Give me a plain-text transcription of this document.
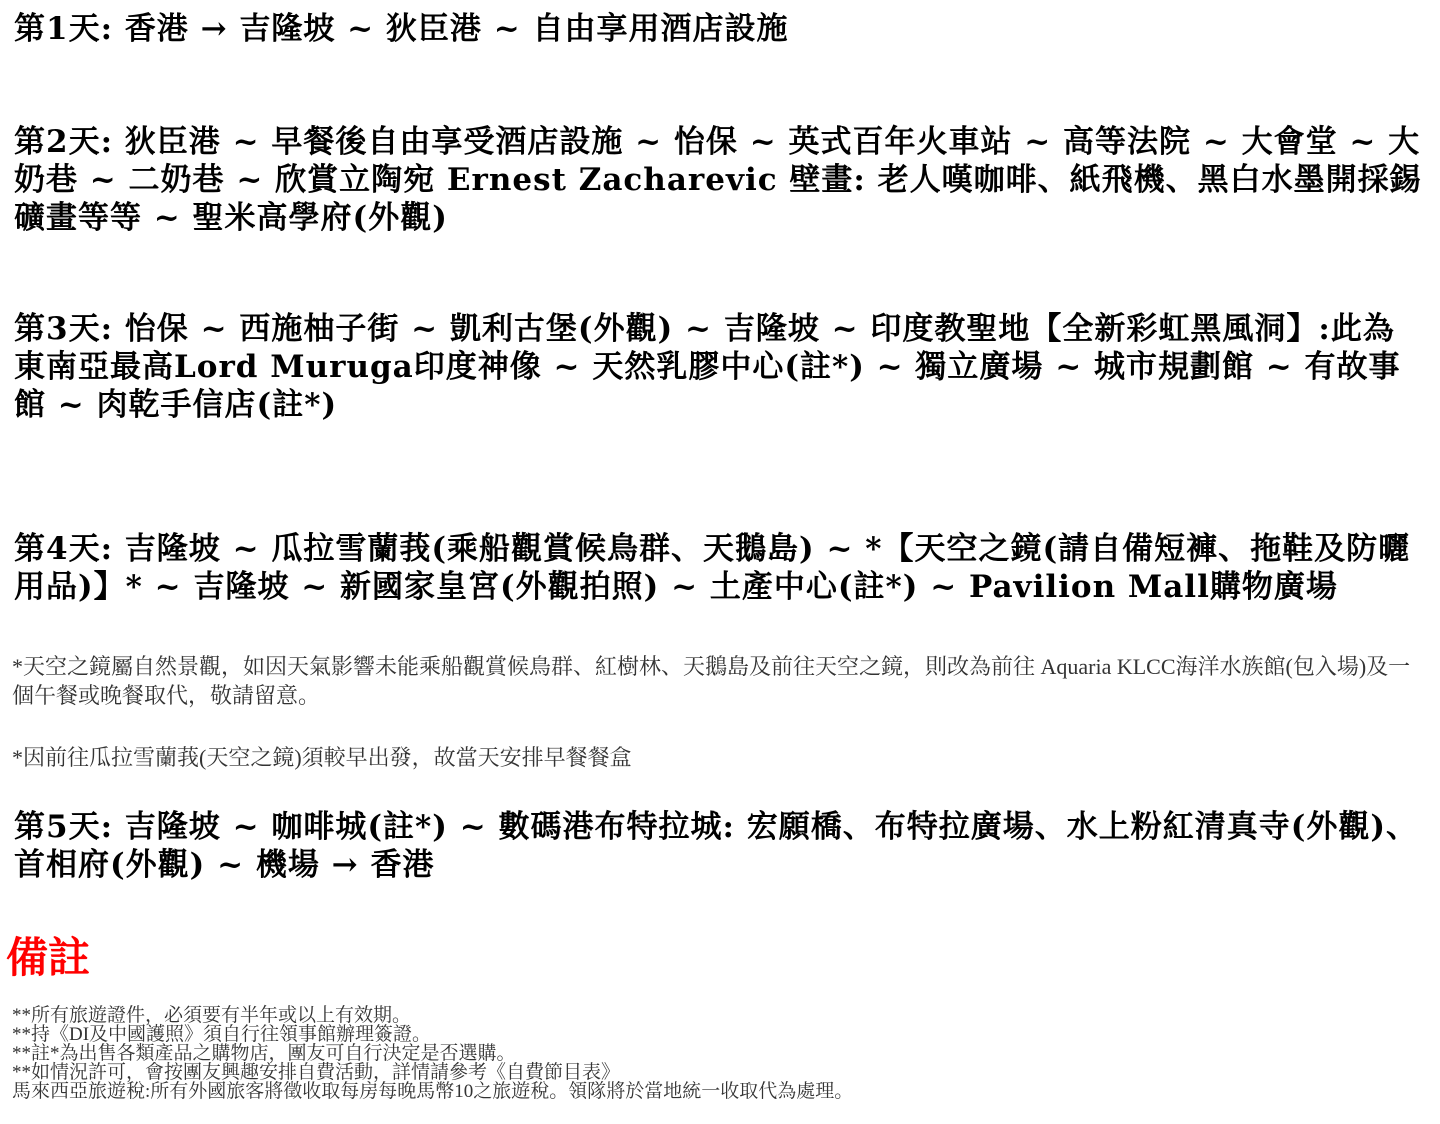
第1天: 香港 → 吉隆坡 ~ 狄臣港 ~ 自由享用酒店設施
第2天: 狄臣港 ~ 早餐後自由享受酒店設施 ~ 怡保 ~ 英式百年火車站 ~ 高等法院 ~ 大會堂 ~ 大奶巷 ~ 二奶巷 ~ 欣賞立陶宛 Ernest Zacharevic 壁畫: 老人嘆咖啡、紙飛機、黑白水墨開採錫礦畫等等 ~ 聖米高學府(外觀)
第3天: 怡保 ~ 西施柚子街 ~ 凱利古堡(外觀) ~ 吉隆坡 ~ 印度教聖地【全新彩虹黑風洞】:此為東南亞最高Lord Muruga印度神像 ~ 天然乳膠中心(註*) ~ 獨立廣場 ~ 城市規劃館 ~ 有故事館 ~ 肉乾手信店(註*)
第4天: 吉隆坡 ~ 瓜拉雪蘭莪(乘船觀賞候鳥群、天鵝島) ~ *【天空之鏡(請自備短褲、拖鞋及防曬用品)】* ~ 吉隆坡 ~ 新國家皇宮(外觀拍照) ~ 土產中心(註*) ~ Pavilion Mall購物廣場

*天空之鏡屬自然景觀，如因天氣影響未能乘船觀賞候鳥群、紅樹林、天鵝島及前往天空之鏡，則改為前往 Aquaria KLCC海洋水族館(包入場)及一個午餐或晚餐取代，敬請留意。

*因前往瓜拉雪蘭莪(天空之鏡)須較早出發，故當天安排早餐餐盒

第5天: 吉隆坡 ~ 咖啡城(註*) ~ 數碼港布特拉城: 宏願橋、布特拉廣場、水上粉紅清真寺(外觀)、首相府(外觀) ~ 機場 → 香港
備註
**所有旅遊證件，必須要有半年或以上有效期。
**持《DI及中國護照》須自行往領事館辦理簽證。
**註*為出售各類產品之購物店，團友可自行決定是否選購。
**如情況許可，會按團友興趣安排自費活動，詳情請參考《自費節目表》
馬來西亞旅遊稅:所有外國旅客將徵收取每房每晚馬幣10之旅遊稅。領隊將於當地統一收取代為處理。
